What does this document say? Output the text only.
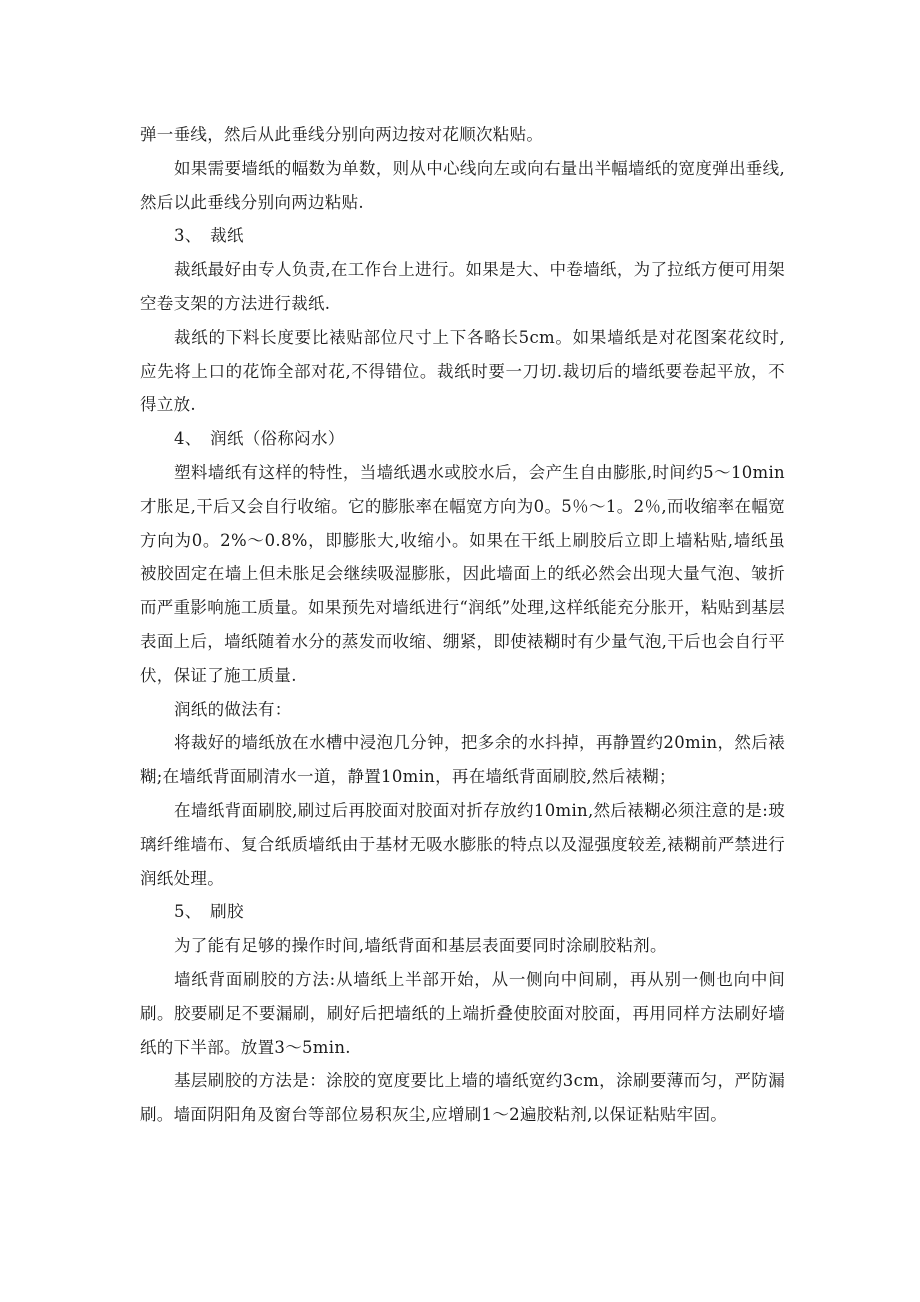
弹一垂线，然后从此垂线分别向两边按对花顺次粘贴。

如果需要墙纸的幅数为单数，则从中心线向左或向右量出半幅墙纸的宽度弹出垂线,然后以此垂线分别向两边粘贴.

3、　裁纸

裁纸最好由专人负责,在工作台上进行。如果是大、中卷墙纸，为了拉纸方便可用架空卷支架的方法进行裁纸.

裁纸的下料长度要比裱贴部位尺寸上下各略长5cm。如果墙纸是对花图案花纹时,应先将上口的花饰全部对花,不得错位。裁纸时要一刀切.裁切后的墙纸要卷起平放，不得立放.

4、　润纸（俗称闷水）

塑料墙纸有这样的特性，当墙纸遇水或胶水后，会产生自由膨胀,时间约5～10min才胀足,干后又会自行收缩。它的膨胀率在幅宽方向为0。5％～1。2％,而收缩率在幅宽方向为0。2%～0.8%，即膨胀大,收缩小。如果在干纸上刷胶后立即上墙粘贴,墙纸虽被胶固定在墙上但未胀足会继续吸湿膨胀，因此墙面上的纸必然会出现大量气泡、皱折而严重影响施工质量。如果预先对墙纸进行“润纸”处理,这样纸能充分胀开，粘贴到基层表面上后，墙纸随着水分的蒸发而收缩、绷紧，即使裱糊时有少量气泡,干后也会自行平伏，保证了施工质量.

润纸的做法有：

将裁好的墙纸放在水槽中浸泡几分钟，把多余的水抖掉，再静置约20min，然后裱糊;在墙纸背面刷清水一道，静置10min，再在墙纸背面刷胶,然后裱糊；

在墙纸背面刷胶,刷过后再胶面对胶面对折存放约10min,然后裱糊必须注意的是:玻璃纤维墙布、复合纸质墙纸由于基材无吸水膨胀的特点以及湿强度较差,裱糊前严禁进行润纸处理。

5、　刷胶

为了能有足够的操作时间,墙纸背面和基层表面要同时涂刷胶粘剂。

墙纸背面刷胶的方法:从墙纸上半部开始，从一侧向中间刷，再从别一侧也向中间刷。胶要刷足不要漏刷，刷好后把墙纸的上端折叠使胶面对胶面，再用同样方法刷好墙纸的下半部。放置3～5min.

基层刷胶的方法是：涂胶的宽度要比上墙的墙纸宽约3cm，涂刷要薄而匀，严防漏刷。墙面阴阳角及窗台等部位易积灰尘,应增刷1～2遍胶粘剂,以保证粘贴牢固。
